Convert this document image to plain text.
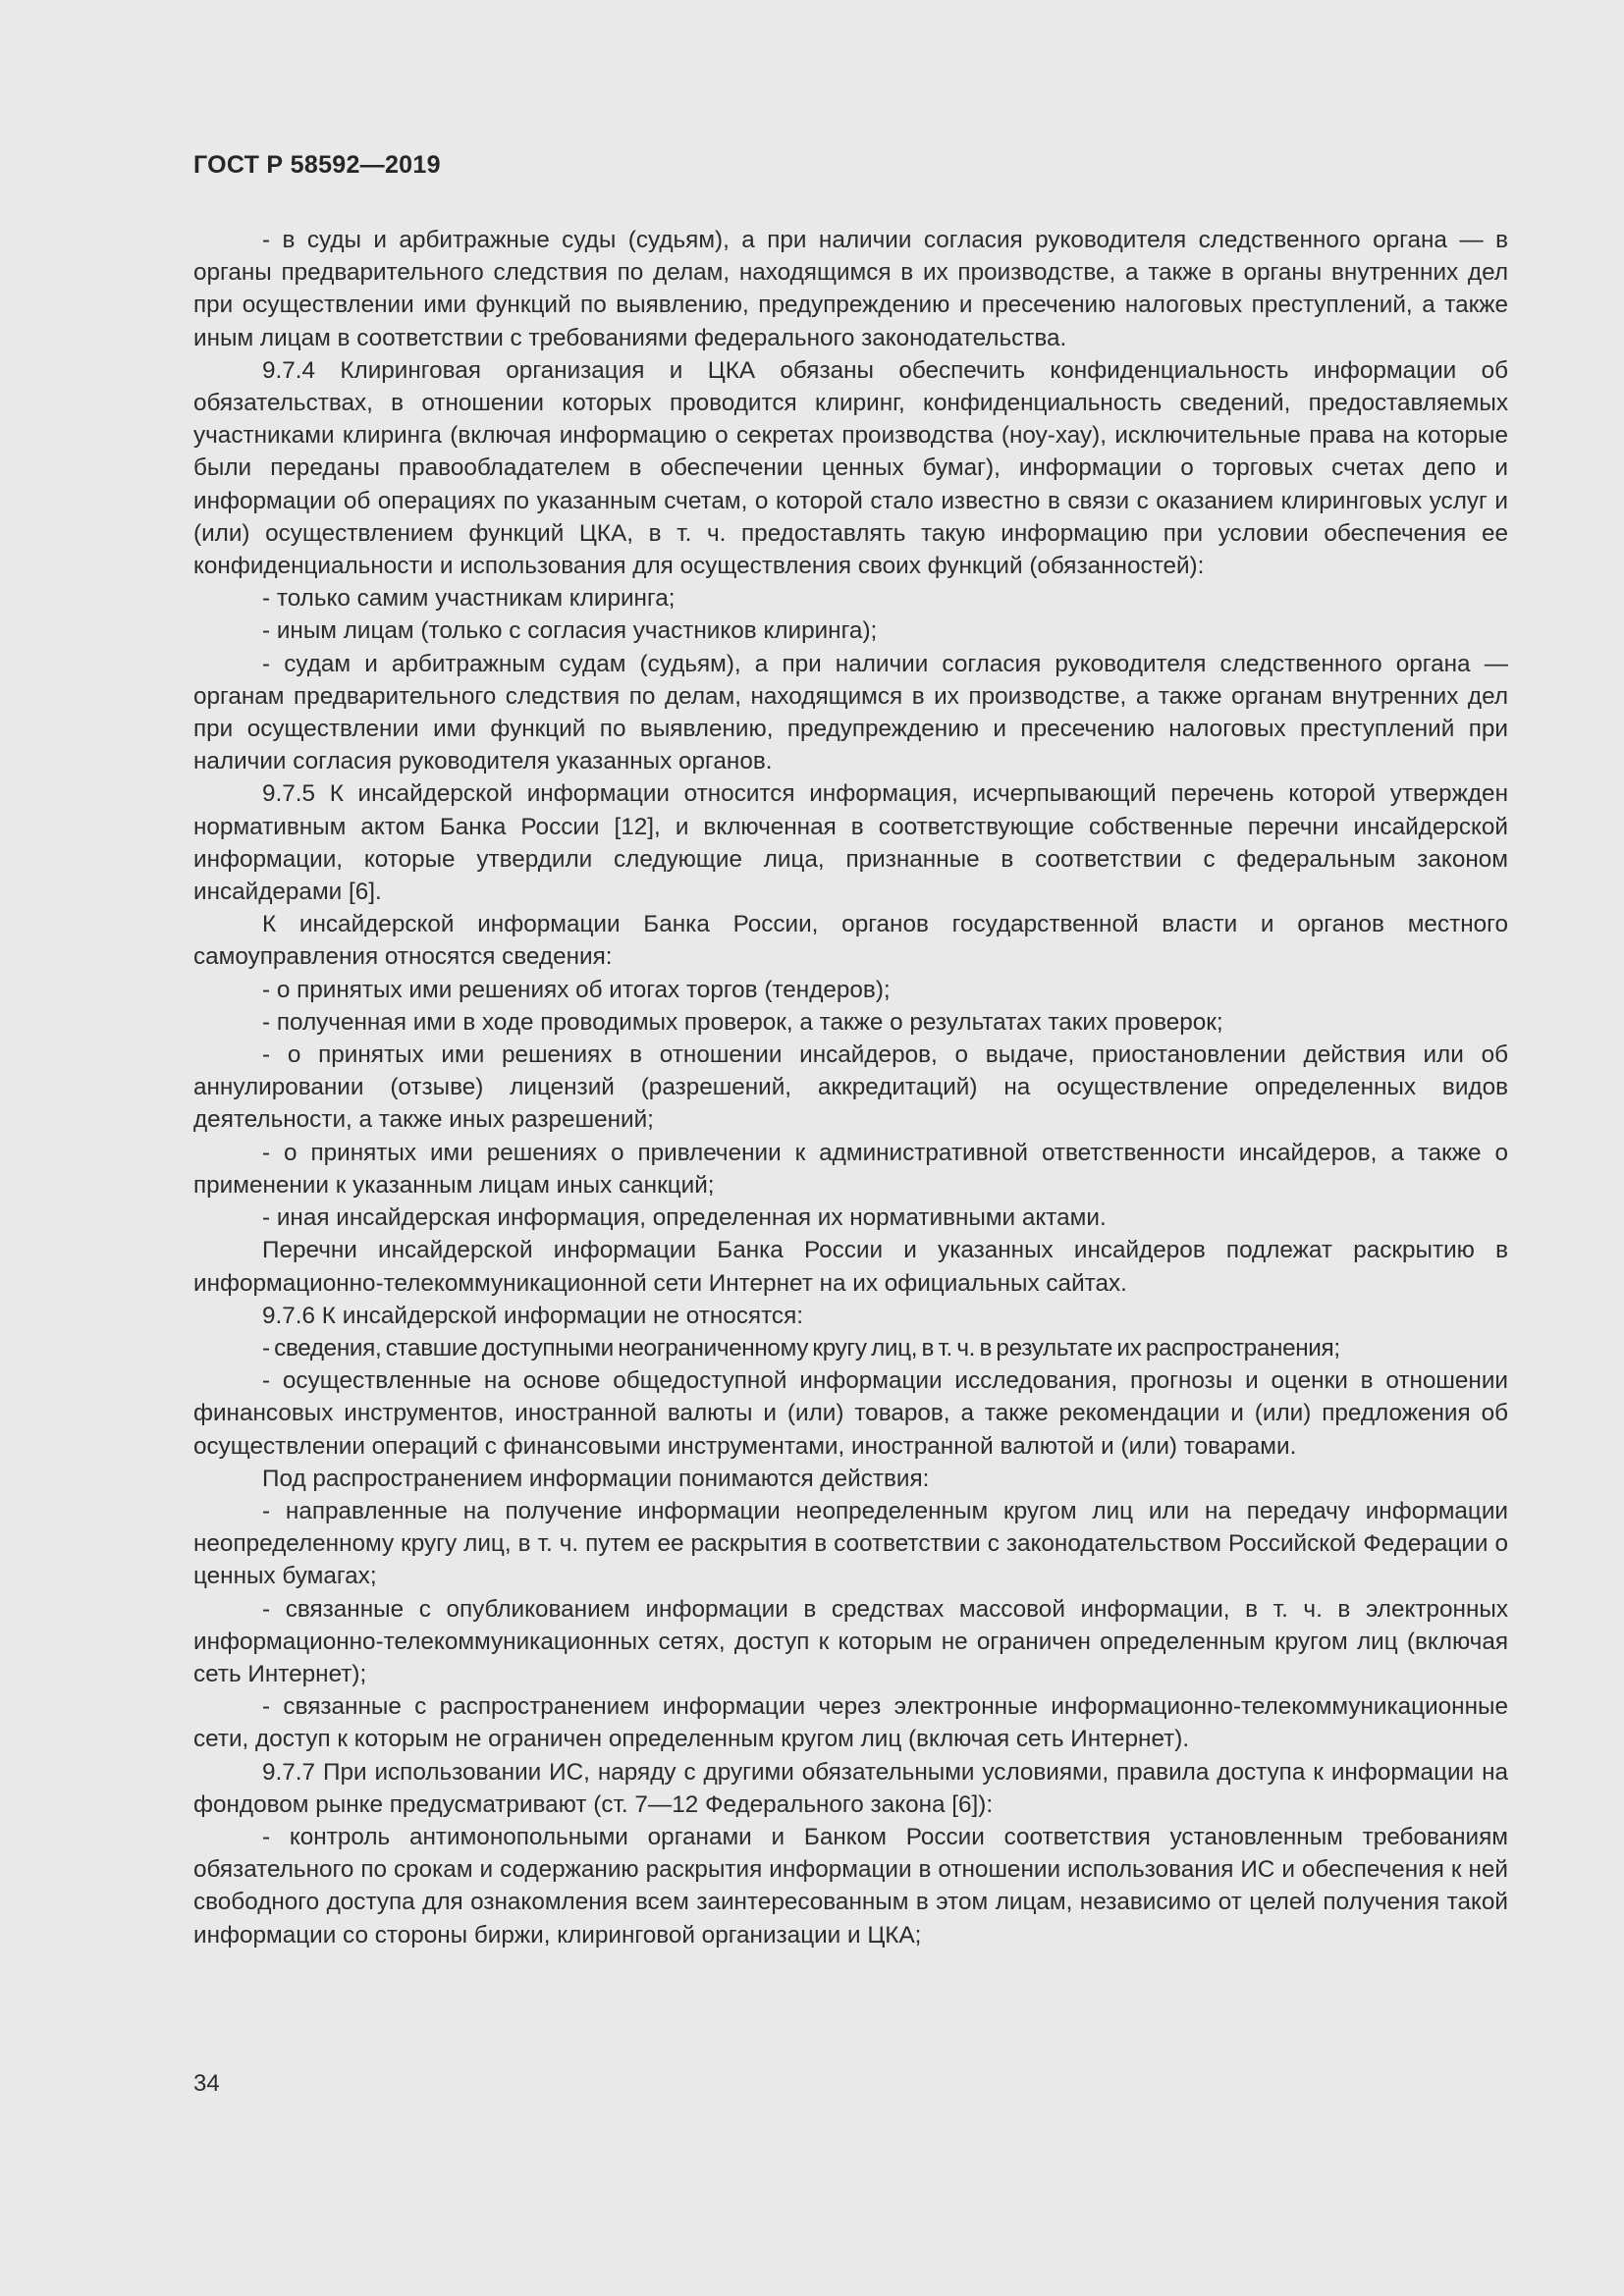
ГОСТ Р 58592—2019

- в суды и арбитражные суды (судьям), а при наличии согласия руководителя следственного органа — в органы предварительного следствия по делам, находящимся в их производстве, а также в органы внутренних дел при осуществлении ими функций по выявлению, предупреждению и пресечению налоговых преступлений, а также иным лицам в соответствии с требованиями федерального законодательства.

9.7.4 Клиринговая организация и ЦКА обязаны обеспечить конфиденциальность информации об обязательствах, в отношении которых проводится клиринг, конфиденциальность сведений, предоставляемых участниками клиринга (включая информацию о секретах производства (ноу-хау), исключительные права на которые были переданы правообладателем в обеспечении ценных бумаг), информации о торговых счетах депо и информации об операциях по указанным счетам, о которой стало известно в связи с оказанием клиринговых услуг и (или) осуществлением функций ЦКА, в т. ч. предоставлять такую информацию при условии обеспечения ее конфиденциальности и использования для осуществления своих функций (обязанностей):

- только самим участникам клиринга;

- иным лицам (только с согласия участников клиринга);

- судам и арбитражным судам (судьям), а при наличии согласия руководителя следственного органа — органам предварительного следствия по делам, находящимся в их производстве, а также органам внутренних дел при осуществлении ими функций по выявлению, предупреждению и пресечению налоговых преступлений при наличии согласия руководителя указанных органов.

9.7.5 К инсайдерской информации относится информация, исчерпывающий перечень которой утвержден нормативным актом Банка России [12], и включенная в соответствующие собственные перечни инсайдерской информации, которые утвердили следующие лица, признанные в соответствии с федеральным законом инсайдерами [6].

К инсайдерской информации Банка России, органов государственной власти и органов местного самоуправления относятся сведения:

- о принятых ими решениях об итогах торгов (тендеров);

- полученная ими в ходе проводимых проверок, а также о результатах таких проверок;

- о принятых ими решениях в отношении инсайдеров, о выдаче, приостановлении действия или об аннулировании (отзыве) лицензий (разрешений, аккредитаций) на осуществление определенных видов деятельности, а также иных разрешений;

- о принятых ими решениях о привлечении к административной ответственности инсайдеров, а также о применении к указанным лицам иных санкций;

- иная инсайдерская информация, определенная их нормативными актами.

Перечни инсайдерской информации Банка России и указанных инсайдеров подлежат раскрытию в информационно-телекоммуникационной сети Интернет на их официальных сайтах.

9.7.6 К инсайдерской информации не относятся:

- сведения, ставшие доступными неограниченному кругу лиц, в т. ч. в результате их распространения;

- осуществленные на основе общедоступной информации исследования, прогнозы и оценки в отношении финансовых инструментов, иностранной валюты и (или) товаров, а также рекомендации и (или) предложения об осуществлении операций с финансовыми инструментами, иностранной валютой и (или) товарами.

Под распространением информации понимаются действия:

- направленные на получение информации неопределенным кругом лиц или на передачу информации неопределенному кругу лиц, в т. ч. путем ее раскрытия в соответствии с законодательством Российской Федерации о ценных бумагах;

- связанные с опубликованием информации в средствах массовой информации, в т. ч. в электронных информационно-телекоммуникационных сетях, доступ к которым не ограничен определенным кругом лиц (включая сеть Интернет);

- связанные с распространением информации через электронные информационно-телекоммуникационные сети, доступ к которым не ограничен определенным кругом лиц (включая сеть Интернет).

9.7.7 При использовании ИС, наряду с другими обязательными условиями, правила доступа к информации на фондовом рынке предусматривают (ст. 7—12 Федерального закона [6]):

- контроль антимонопольными органами и Банком России соответствия установленным требованиям обязательного по срокам и содержанию раскрытия информации в отношении использования ИС и обеспечения к ней свободного доступа для ознакомления всем заинтересованным в этом лицам, независимо от целей получения такой информации со стороны биржи, клиринговой организации и ЦКА;

34
